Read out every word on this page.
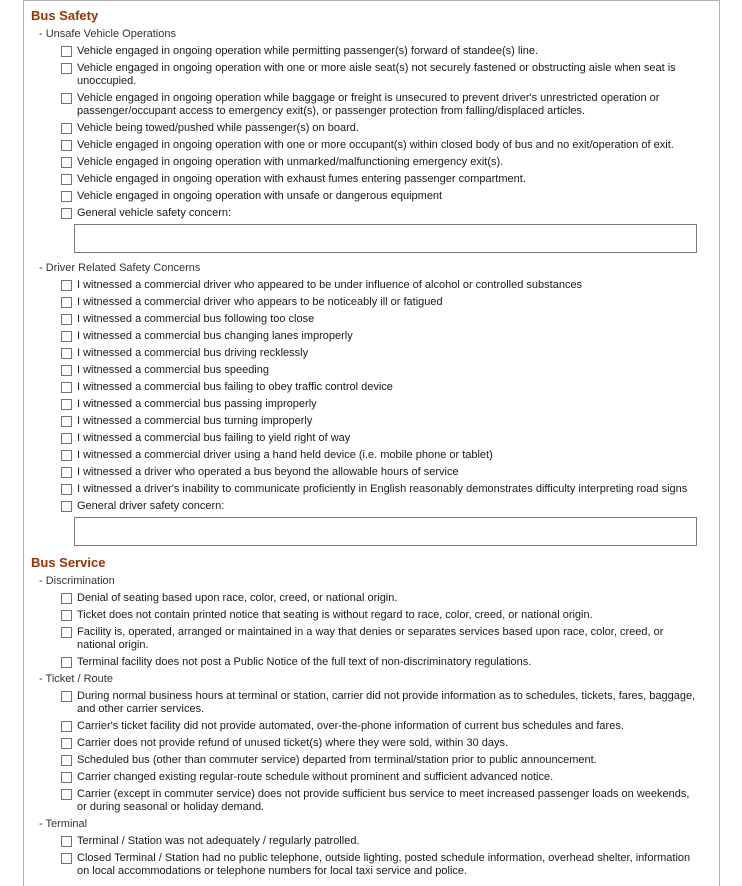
Bus Safety
- Unsafe Vehicle Operations
Vehicle engaged in ongoing operation while permitting passenger(s) forward of standee(s) line.
Vehicle engaged in ongoing operation with one or more aisle seat(s) not securely fastened or obstructing aisle when seat is unoccupied.
Vehicle engaged in ongoing operation while baggage or freight is unsecured to prevent driver's unrestricted operation or passenger/occupant access to emergency exit(s), or passenger protection from falling/displaced articles.
Vehicle being towed/pushed while passenger(s) on board.
Vehicle engaged in ongoing operation with one or more occupant(s) within closed body of bus and no exit/operation of exit.
Vehicle engaged in ongoing operation with unmarked/malfunctioning emergency exit(s).
Vehicle engaged in ongoing operation with exhaust fumes entering passenger compartment.
Vehicle engaged in ongoing operation with unsafe or dangerous equipment
General vehicle safety concern:
- Driver Related Safety Concerns
I witnessed a commercial driver who appeared to be under influence of alcohol or controlled substances
I witnessed a commercial driver who appears to be noticeably ill or fatigued
I witnessed a commercial bus following too close
I witnessed a commercial bus changing lanes improperly
I witnessed a commercial bus driving recklessly
I witnessed a commercial bus speeding
I witnessed a commercial bus failing to obey traffic control device
I witnessed a commercial bus passing improperly
I witnessed a commercial bus turning improperly
I witnessed a commercial bus failing to yield right of way
I witnessed a commercial driver using a hand held device (i.e. mobile phone or tablet)
I witnessed a driver who operated a bus beyond the allowable hours of service
I witnessed a driver's inability to communicate proficiently in English reasonably demonstrates difficulty interpreting road signs
General driver safety concern:
Bus Service
- Discrimination
Denial of seating based upon race, color, creed, or national origin.
Ticket does not contain printed notice that seating is without regard to race, color, creed, or national origin.
Facility is, operated, arranged or maintained in a way that denies or separates services based upon race, color, creed, or national origin.
Terminal facility does not post a Public Notice of the full text of non-discriminatory regulations.
- Ticket / Route
During normal business hours at terminal or station, carrier did not provide information as to schedules, tickets, fares, baggage, and other carrier services.
Carrier's ticket facility did not provide automated, over-the-phone information of current bus schedules and fares.
Carrier does not provide refund of unused ticket(s) where they were sold, within 30 days.
Scheduled bus (other than commuter service) departed from terminal/station prior to public announcement.
Carrier changed existing regular-route schedule without prominent and sufficient advanced notice.
Carrier (except in commuter service) does not provide sufficient bus service to meet increased passenger loads on weekends, or during seasonal or holiday demand.
- Terminal
Terminal / Station was not adequately / regularly patrolled.
Closed Terminal / Station had no public telephone, outside lighting, posted schedule information, overhead shelter, information on local accommodations or telephone numbers for local taxi service and police.
